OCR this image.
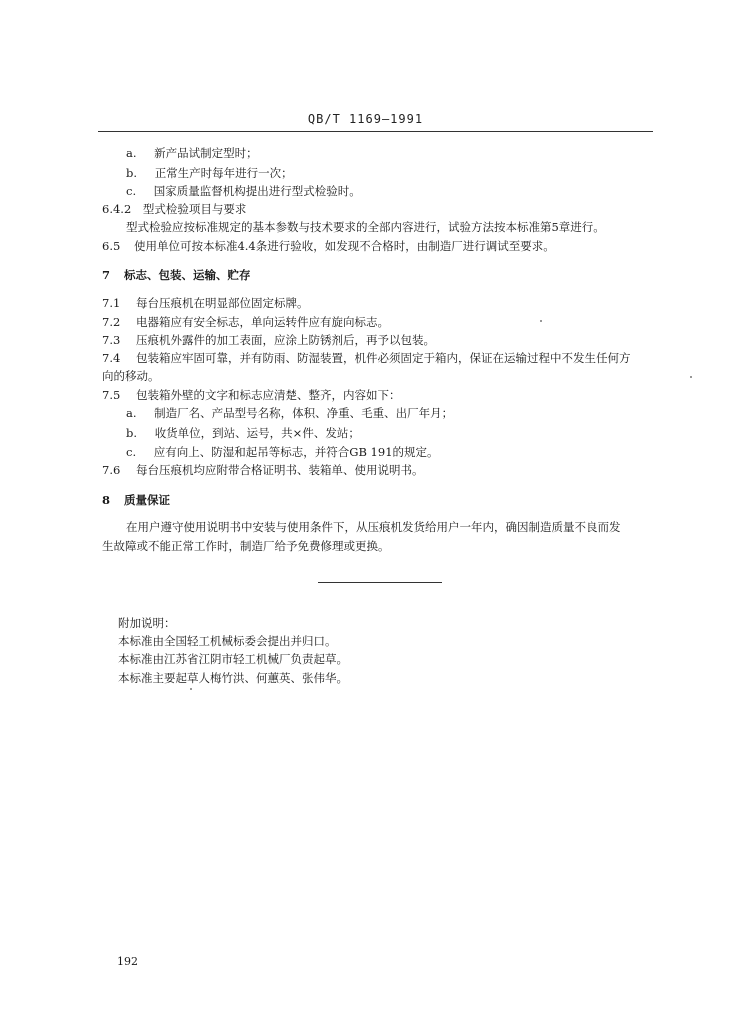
QB/T 1169—1991
a. 新产品试制定型时；
b. 正常生产时每年进行一次；
c. 国家质量监督机构提出进行型式检验时。
6.4.2 型式检验项目与要求
型式检验应按标准规定的基本参数与技术要求的全部内容进行，试验方法按本标准第5章进行。
6.5 使用单位可按本标准4.4条进行验收，如发现不合格时，由制造厂进行调试至要求。
7 标志、包装、运输、贮存
7.1 每台压痕机在明显部位固定标牌。
7.2 电器箱应有安全标志，单向运转件应有旋向标志。
7.3 压痕机外露件的加工表面，应涂上防锈剂后，再予以包装。
7.4 包装箱应牢固可靠，并有防雨、防湿装置，机件必须固定于箱内，保证在运输过程中不发生任何方
向的移动。
7.5 包装箱外壁的文字和标志应清楚、整齐，内容如下：
a. 制造厂名、产品型号名称，体积、净重、毛重、出厂年月；
b. 收货单位，到站、运号，共×件、发站；
c. 应有向上、防湿和起吊等标志，并符合GB 191的规定。
7.6 每台压痕机均应附带合格证明书、装箱单、使用说明书。
8 质量保证
在用户遵守使用说明书中安装与使用条件下，从压痕机发货给用户一年内，确因制造质量不良而发
生故障或不能正常工作时，制造厂给予免费修理或更换。
附加说明：
本标准由全国轻工机械标委会提出并归口。
本标准由江苏省江阴市轻工机械厂负责起草。
本标准主要起草人梅竹洪、何蕙英、张伟华。
192
